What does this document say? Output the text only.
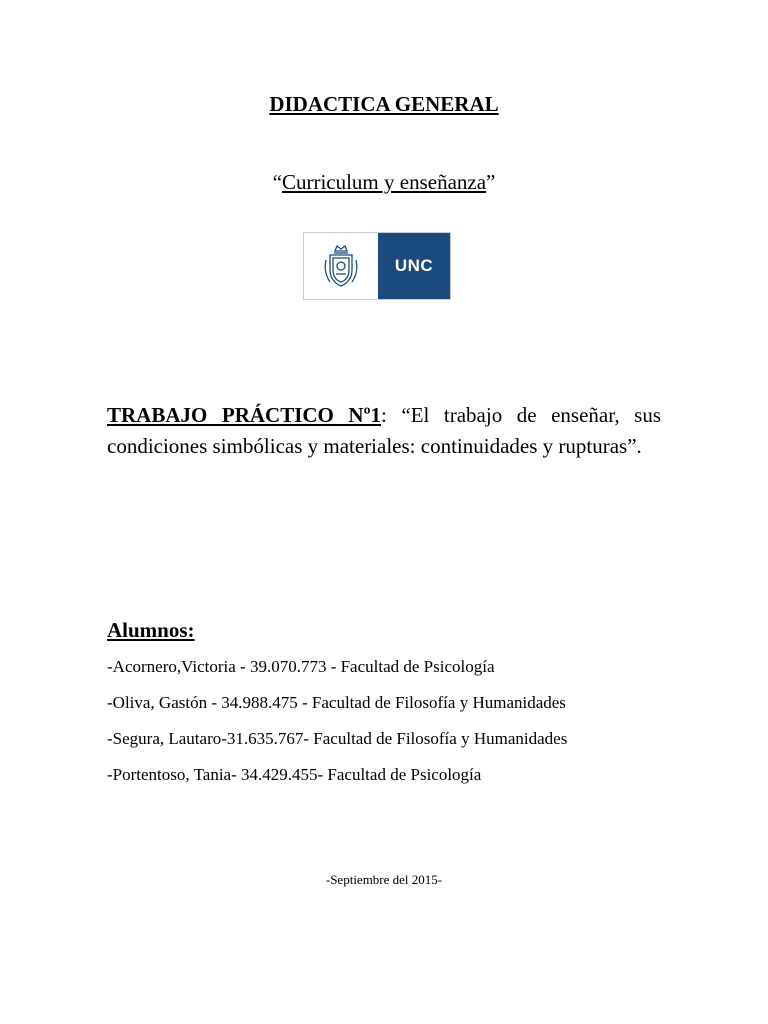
DIDACTICA GENERAL

“Curriculum y enseñanza”

UNC

TRABAJO PRÁCTICO Nº1: “El trabajo de enseñar, sus condiciones simbólicas y materiales: continuidades y rupturas”.

Alumnos:

-Acornero,Victoria - 39.070.773 - Facultad de Psicología
-Oliva, Gastón - 34.988.475 - Facultad de Filosofía y Humanidades
-Segura, Lautaro-31.635.767- Facultad de Filosofía y Humanidades
-Portentoso, Tania- 34.429.455- Facultad de Psicología

-Septiembre del 2015-
